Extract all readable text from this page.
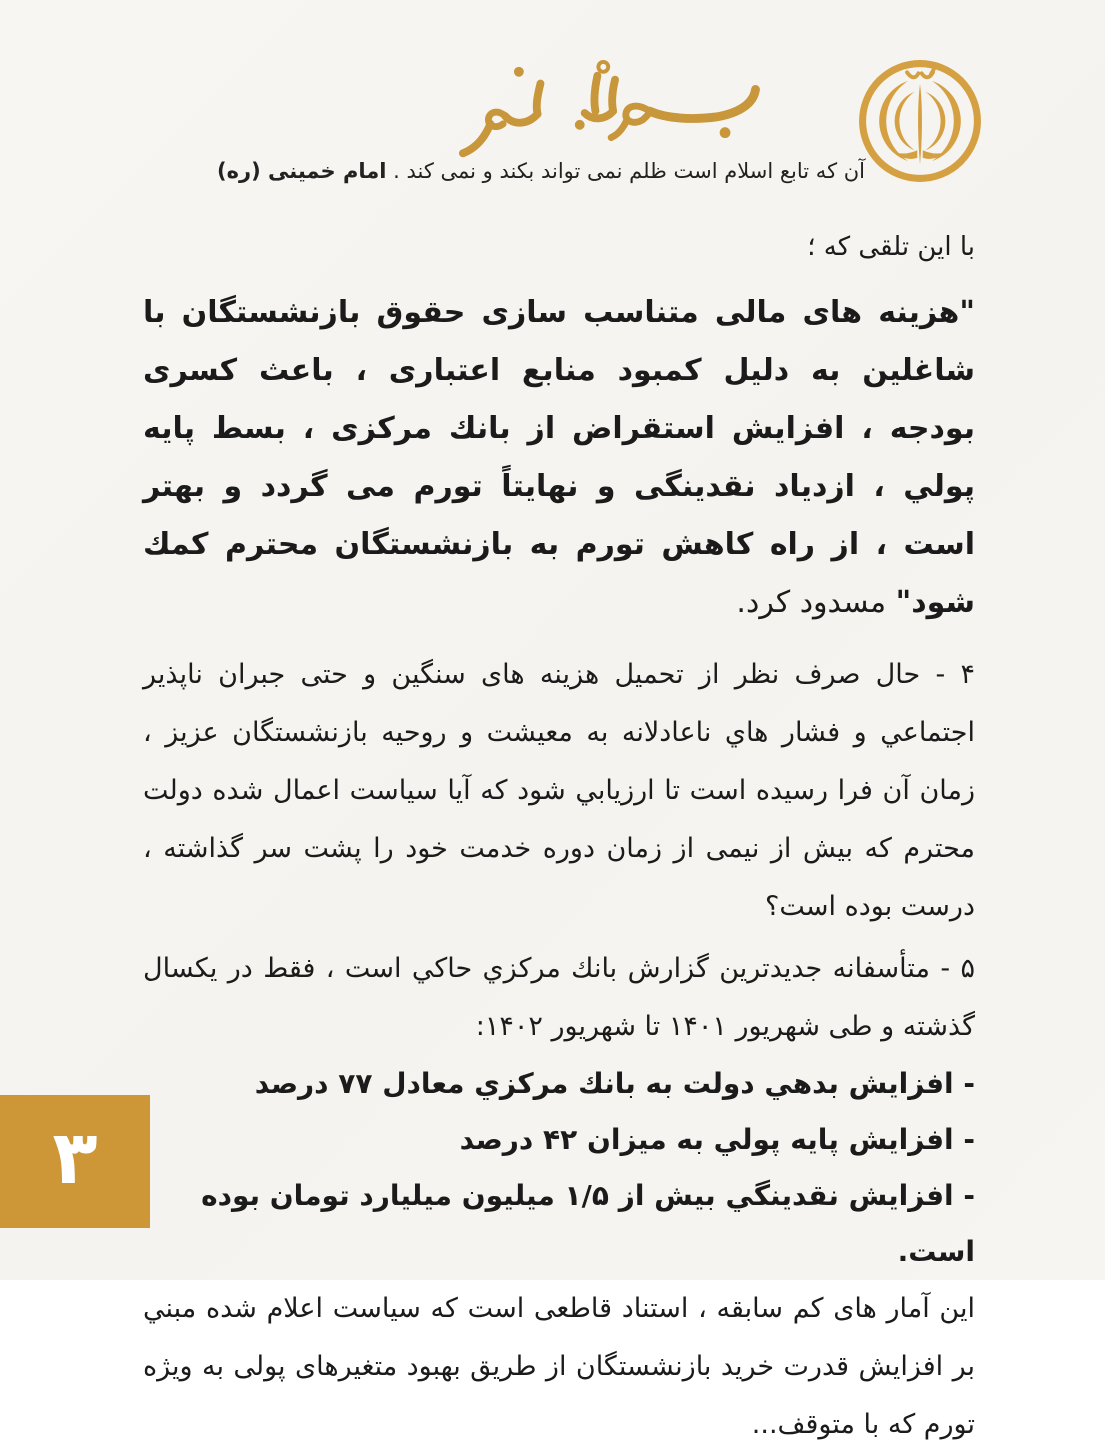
آن که تابع اسلام است ظلم نمی تواند بکند و نمی کند . امام خمینی (ره)

با این تلقی که ؛

"هزینه های مالی متناسب سازی حقوق بازنشستگان با شاغلین به دلیل کمبود منابع اعتباری ، باعث کسری بودجه ، افزایش استقراض از بانك مرکزی ، بسط پایه پولي ، ازدیاد نقدینگی و نهایتاً تورم می گردد و بهتر است ، از راه کاهش تورم به بازنشستگان محترم کمك شود" مسدود کرد.

۴ - حال صرف نظر از تحمیل هزینه های سنگین و حتی جبران ناپذیر اجتماعي و فشار هاي ناعادلانه به معیشت و روحیه بازنشستگان عزیز ، زمان آن فرا رسیده است تا ارزیابي شود که آیا سیاست اعمال شده دولت محترم که بیش از نیمی از زمان دوره خدمت خود را پشت سر گذاشته ، درست بوده است؟

۵ - متأسفانه جدیدترین گزارش بانك مرکزي حاکي است ، فقط در یکسال گذشته و طی شهریور ۱۴۰۱ تا شهریور ۱۴۰۲:

- افزایش بدهي دولت به بانك مرکزي معادل ۷۷ درصد
- افزایش پایه پولي به میزان ۴۲ درصد
- افزایش نقدینگي بیش از ۱/۵ میلیون میلیارد تومان بوده است.

این آمار های کم سابقه ، استناد قاطعی است که سیاست اعلام شده مبني بر افزایش قدرت خرید بازنشستگان از طریق بهبود متغیرهای پولی به ویژه تورم که با متوقف...

۳
